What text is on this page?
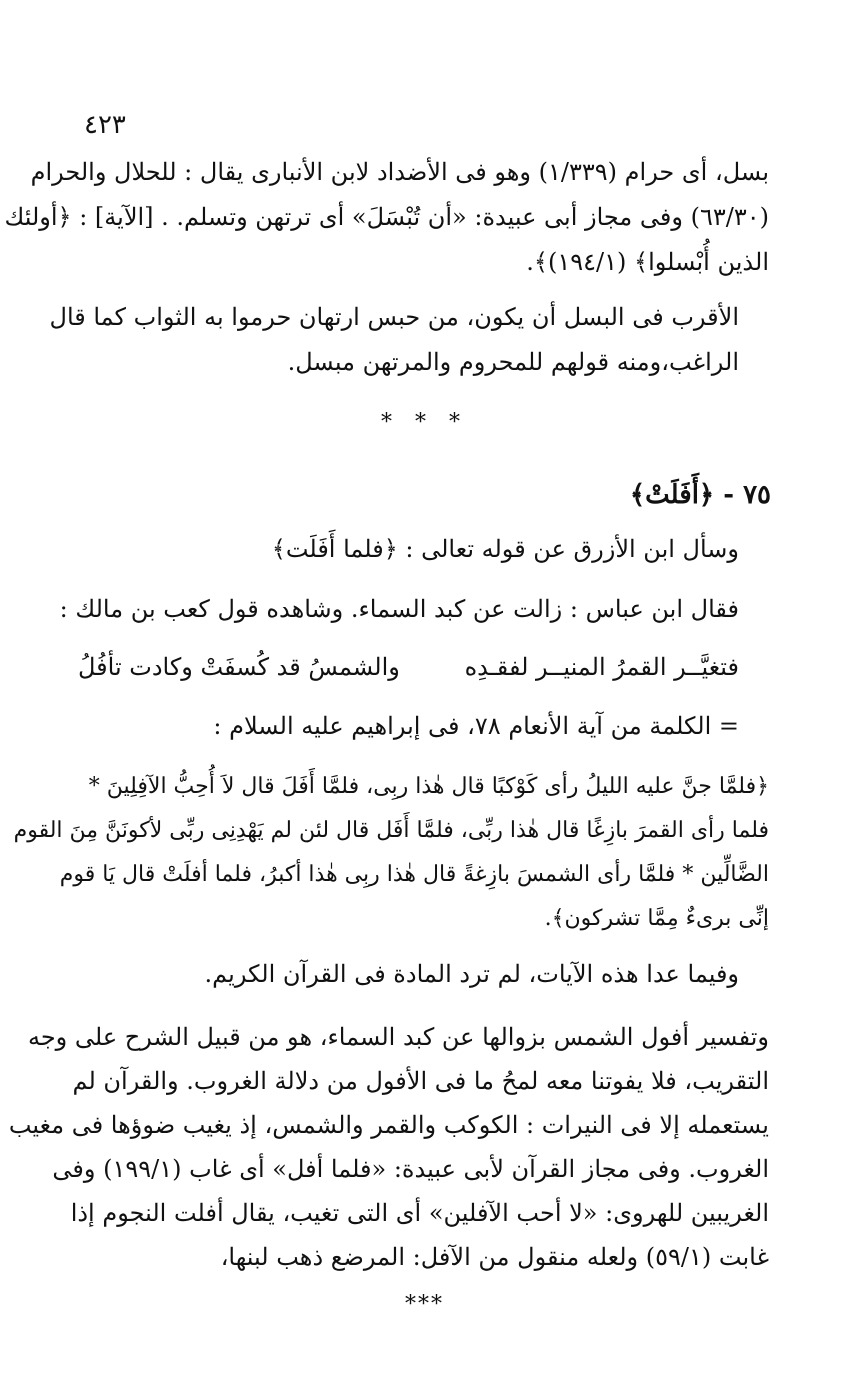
٤٢٣
بسل، أى حرام (١/٣٣٩) وهو فى الأضداد لابن الأنبارى يقال : للحلال والحرام
(٦٣/٣٠) وفى مجاز أبى عبيدة: «أن تُبْسَلَ» أى ترتهن وتسلم. . [الآية] : ﴿أولئك
الذين أُبْسلوا﴾ (١٩٤/١)﴾.
الأقرب فى البسل أن يكون، من حبس ارتهان حرموا به الثواب كما قال
الراغب،ومنه قولهم للمحروم والمرتهن مبسل.
* * *
٧٥ - ﴿أَفَلَتْ﴾
وسأل ابن الأزرق عن قوله تعالى : ﴿فلما أَفَلَت﴾
فقال ابن عباس : زالت عن كبد السماء. وشاهده قول كعب بن مالك :
فتغيَّــر القمرُ المنيــر لفقـدِه
والشمسُ قد كُسفَتْ وكادت تأفُلُ
= الكلمة من آية الأنعام ٧٨، فى إبراهيم عليه السلام :
﴿فلمَّا جنَّ عليه الليلُ رأى كَوْكبًا قال هٰذا ربِى، فلمَّا أَفَلَ قال لاَ أُحِبُّ الآفِلِينَ *
فلما رأى القمرَ بازِغًا قال هٰذا ربِّى، فلمَّا أَفَل قال لئن لم يَهْدِنِى ربِّى لأكونَنَّ مِنَ القوم
الضَّالِّين * فلمَّا رأى الشمسَ بازِغةً قال هٰذا ربِى هٰذا أكبرُ، فلما أفلَتْ قال يَا قوم
إنِّى برىءٌ مِمَّا تشركون﴾.
وفيما عدا هذه الآيات، لم ترد المادة فى القرآن الكريم.
وتفسير أفول الشمس بزوالها عن كبد السماء، هو من قبيل الشرح على وجه
التقريب، فلا يفوتنا معه لمحُ ما فى الأفول من دلالة الغروب. والقرآن لم
يستعمله إلا فى النيرات : الكوكب والقمر والشمس، إذ يغيب ضوؤها فى مغيب
الغروب. وفى مجاز القرآن لأبى عبيدة: «فلما أفل» أى غاب (١٩٩/١) وفى
الغريبين للهروى: «لا أحب الآفلين» أى التى تغيب، يقال أفلت النجوم إذا
غابت (٥٩/١) ولعله منقول من الآفل: المرضع ذهب لبنها،
***
